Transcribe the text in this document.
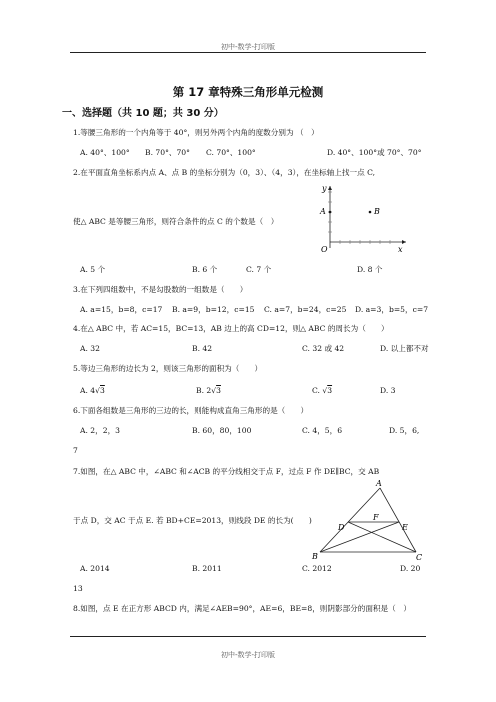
初中-数学-打印版
第 17 章特殊三角形单元检测
一、选择题（共 10 题；共 30 分）
1.等腰三角形的一个内角等于 40°，则另外两个内角的度数分别为 （　）
A. 40°、100° B. 70°、70° C. 70°、100°	D. 40°、100°或 70°、70°
2.在平面直角坐标系内点 A、点 B 的坐标分别为（0，3）、（4，3），在坐标轴上找一点 C,
y
A	B
O	x
使△ ABC 是等腰三角形，则符合条件的点 C 的个数是（　）
A. 5 个	B. 6 个	C. 7 个	D. 8 个
3.在下列四组数中，不是勾股数的一组数是（　　）
A. a=15，b=8，c=17 B. a=9，b=12，c=15 C. a=7，b=24，c=25 D. a=3，b=5，c=7
4.在△ ABC 中，若 AC=15，BC=13，AB 边上的高 CD=12，则△ ABC 的周长为（　　）
A. 32	B. 42	C. 32 或 42	D. 以上都不对
5.等边三角形的边长为 2，则该三角形的面积为（　　）
A. 4√3	B. 2√3	C. √3	D. 3
6.下面各组数是三角形的三边的长，则能构成直角三角形的是（　　）
A. 2，2，3	B. 60，80，100	C. 4，5，6	D. 5，6,
7
7.如图，在△ ABC 中，∠ABC 和∠ACB 的平分线相交于点 F，过点 F 作 DE∥BC，交 AB
A
D
F
E
B	C
于点 D，交 AC 于点 E. 若 BD+CE=2013，则线段 DE 的长为(　　)
A. 2014	B. 2011	C. 2012	D. 20
13
8.如图，点 E 在正方形 ABCD 内，满足∠AEB=90°，AE=6，BE=8，则阴影部分的面积是（　）
初中-数学-打印版
